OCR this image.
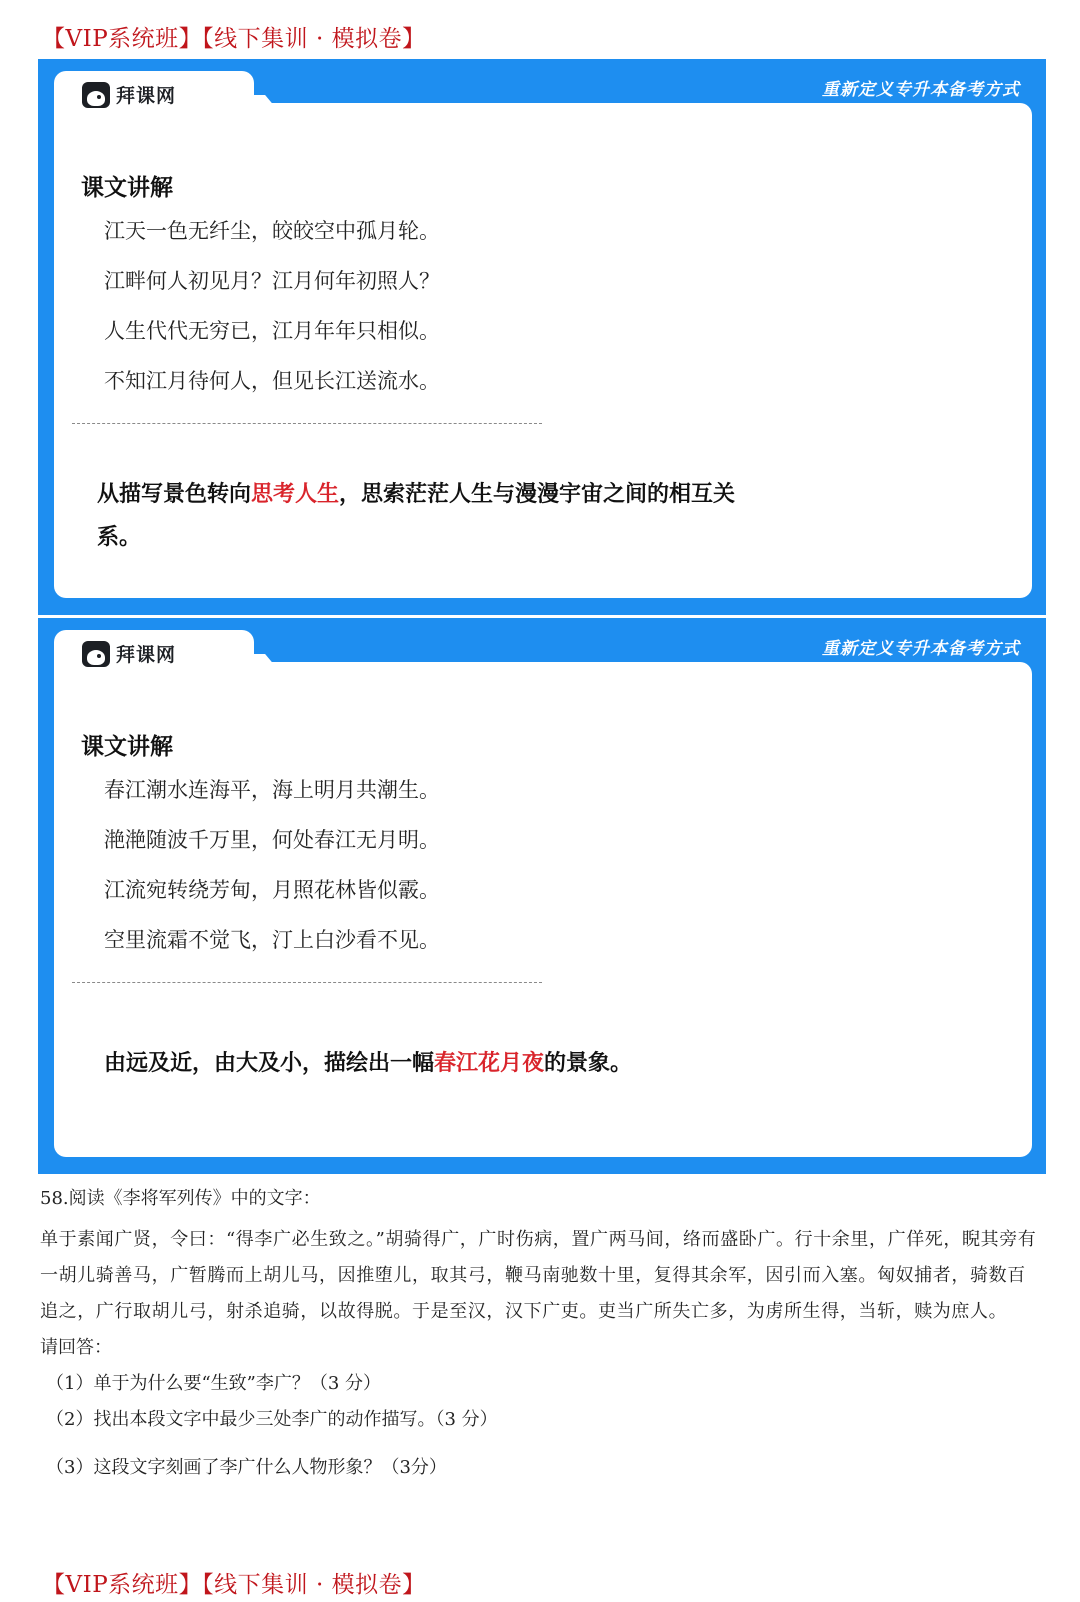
【VIP系统班】【线下集训 · 模拟卷】
重新定义专升本备考方式
课文讲解
江天一色无纤尘，皎皎空中孤月轮。
江畔何人初见月？江月何年初照人？
人生代代无穷已，江月年年只相似。
不知江月待何人，但见长江送流水。

从描写景色转向思考人生，思索茫茫人生与漫漫宇宙之间的相互关系。

拜课网
重新定义专升本备考方式
课文讲解
春江潮水连海平，海上明月共潮生。
滟滟随波千万里，何处春江无月明。
江流宛转绕芳甸，月照花林皆似霰。
空里流霜不觉飞，汀上白沙看不见。

由远及近，由大及小，描绘出一幅春江花月夜的景象。

拜课网

58.阅读《李将军列传》中的文字：

单于素闻广贤，令曰：“得李广必生致之。”胡骑得广，广时伤病，置广两马间，络而盛卧广。行十余里，广佯死，睨其旁有一胡儿骑善马，广暂腾而上胡儿马，因推堕儿，取其弓，鞭马南驰数十里，复得其余军，因引而入塞。匈奴捕者，骑数百追之，广行取胡儿弓，射杀追骑，以故得脱。于是至汉，汉下广吏。吏当广所失亡多，为虏所生得，当斩，赎为庶人。

请回答：

（1）单于为什么要“生致”李广？（3 分）

（2）找出本段文字中最少三处李广的动作描写。（3 分）

（3）这段文字刻画了李广什么人物形象？（3分）

【VIP系统班】【线下集训 · 模拟卷】
